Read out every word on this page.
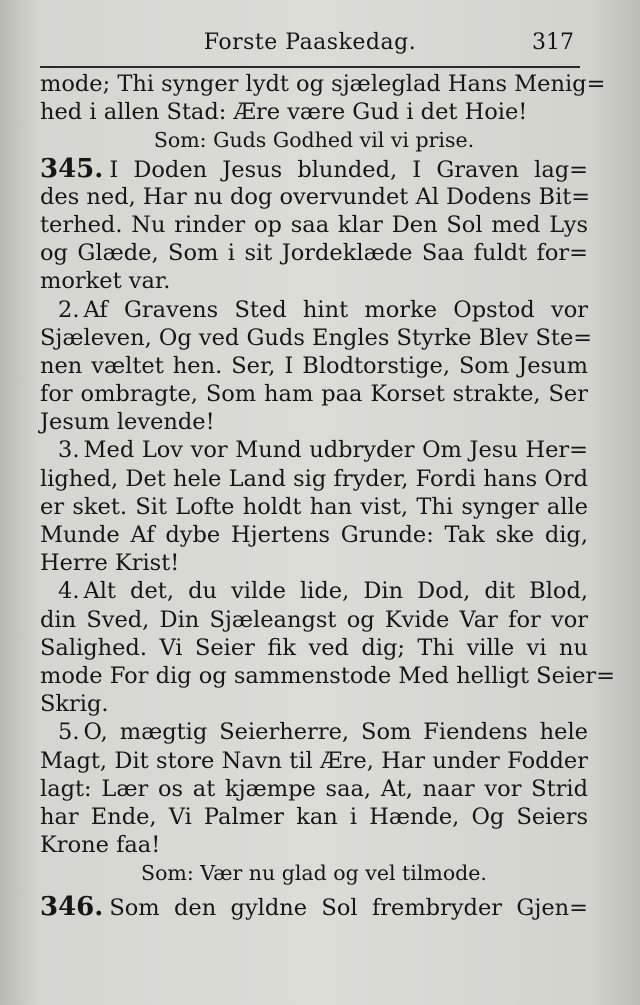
Forste Paaskedag.	317
mode; Thi synger lydt og sjæleglad Hans Menig=
hed i allen Stad: Ære være Gud i det Hoie!
Som: Guds Godhed vil vi prise.
345. I Doden Jesus blunded, I Graven lag=
des ned, Har nu dog overvundet Al Dodens Bit=
terhed. Nu rinder op saa klar Den Sol med Lys
og Glæde, Som i sit Jordeklæde Saa fuldt for=
morket var.
2. Af Gravens Sted hint morke Opstod vor
Sjæleven, Og ved Guds Engles Styrke Blev Ste=
nen væltet hen. Ser, I Blodtorstige, Som Jesum
for ombragte, Som ham paa Korset strakte, Ser
Jesum levende!
3. Med Lov vor Mund udbryder Om Jesu Her=
lighed, Det hele Land sig fryder, Fordi hans Ord
er sket. Sit Lofte holdt han vist, Thi synger alle
Munde Af dybe Hjertens Grunde: Tak ske dig,
Herre Krist!
4. Alt det, du vilde lide, Din Dod, dit Blod,
din Sved, Din Sjæleangst og Kvide Var for vor
Salighed. Vi Seier fik ved dig; Thi ville vi nu
mode For dig og sammenstode Med helligt Seier=
Skrig.
5. O, mægtig Seierherre, Som Fiendens hele
Magt, Dit store Navn til Ære, Har under Fodder
lagt: Lær os at kjæmpe saa, At, naar vor Strid
har Ende, Vi Palmer kan i Hænde, Og Seiers
Krone faa!
Som: Vær nu glad og vel tilmode.
346. Som den gyldne Sol frembryder Gjen=
